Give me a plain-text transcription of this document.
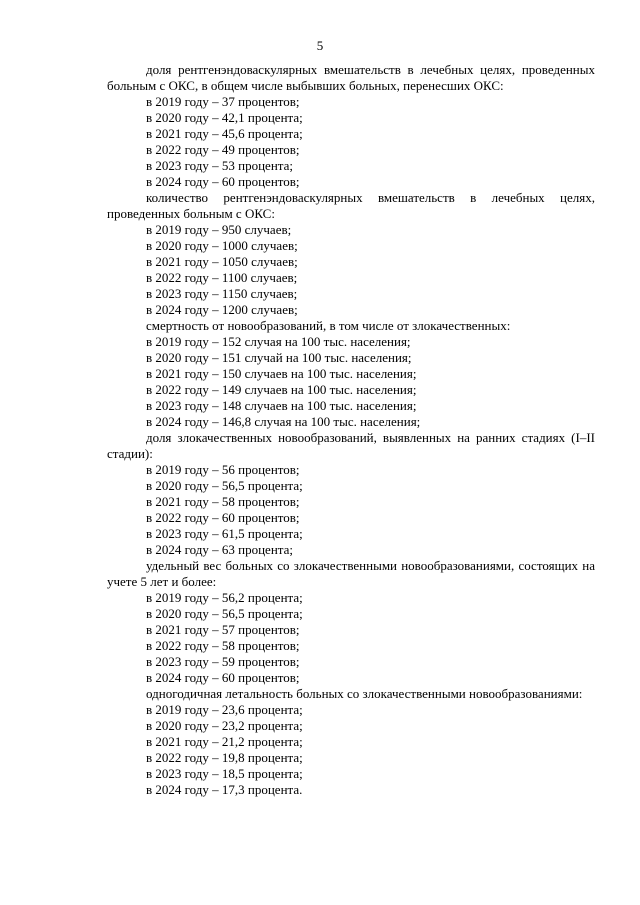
5
доля рентгенэндоваскулярных вмешательств в лечебных целях, проведенных больным с ОКС, в общем числе выбывших больных, перенесших ОКС:
в 2019 году – 37 процентов;
в 2020 году – 42,1 процента;
в 2021 году – 45,6 процента;
в 2022 году – 49 процентов;
в 2023 году – 53 процента;
в 2024 году – 60 процентов;
количество рентгенэндоваскулярных вмешательств в лечебных целях, проведенных больным с ОКС:
в 2019 году – 950 случаев;
в 2020 году – 1000 случаев;
в 2021 году – 1050 случаев;
в 2022 году – 1100 случаев;
в 2023 году – 1150 случаев;
в 2024 году – 1200 случаев;
смертность от новообразований, в том числе от злокачественных:
в 2019 году – 152 случая на 100 тыс. населения;
в 2020 году – 151 случай на 100 тыс. населения;
в 2021 году – 150 случаев на 100 тыс. населения;
в 2022 году – 149 случаев на 100 тыс. населения;
в 2023 году – 148 случаев на 100 тыс. населения;
в 2024 году – 146,8 случая на 100 тыс. населения;
доля злокачественных новообразований, выявленных на ранних стадиях (I–II стадии):
в 2019 году – 56 процентов;
в 2020 году – 56,5 процента;
в 2021 году – 58 процентов;
в 2022 году – 60 процентов;
в 2023 году – 61,5 процента;
в 2024 году – 63 процента;
удельный вес больных со злокачественными новообразованиями, состоящих на учете 5 лет и более:
в 2019 году – 56,2 процента;
в 2020 году – 56,5 процента;
в 2021 году – 57 процентов;
в 2022 году – 58 процентов;
в 2023 году – 59 процентов;
в 2024 году – 60 процентов;
одногодичная летальность больных со злокачественными новообразованиями:
в 2019 году – 23,6 процента;
в 2020 году – 23,2 процента;
в 2021 году – 21,2 процента;
в 2022 году – 19,8 процента;
в 2023 году – 18,5 процента;
в 2024 году – 17,3 процента.
